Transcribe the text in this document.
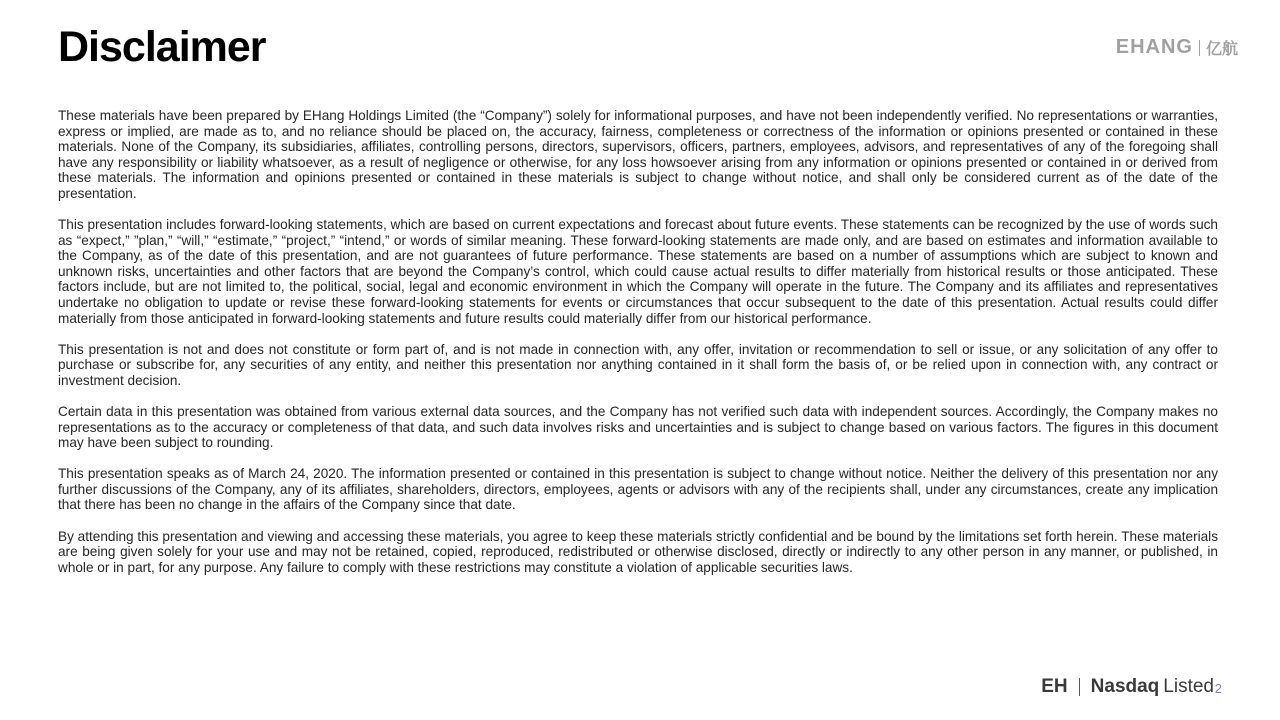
Disclaimer	EHANG 亿航

These materials have been prepared by EHang Holdings Limited (the “Company”) solely for informational purposes, and have not been independently verified. No representations or warranties, express or implied, are made as to, and no reliance should be placed on, the accuracy, fairness, completeness or correctness of the information or opinions presented or contained in these materials. None of the Company, its subsidiaries, affiliates, controlling persons, directors, supervisors, officers, partners, employees, advisors, and representatives of any of the foregoing shall have any responsibility or liability whatsoever, as a result of negligence or otherwise, for any loss howsoever arising from any information or opinions presented or contained in or derived from these materials. The information and opinions presented or contained in these materials is subject to change without notice, and shall only be considered current as of the date of the presentation.

This presentation includes forward-looking statements, which are based on current expectations and forecast about future events. These statements can be recognized by the use of words such as “expect,” ”plan,” “will,” “estimate,” “project,” “intend,” or words of similar meaning. These forward-looking statements are made only, and are based on estimates and information available to the Company, as of the date of this presentation, and are not guarantees of future performance. These statements are based on a number of assumptions which are subject to known and unknown risks, uncertainties and other factors that are beyond the Company’s control, which could cause actual results to differ materially from historical results or those anticipated. These factors include, but are not limited to, the political, social, legal and economic environment in which the Company will operate in the future. The Company and its affiliates and representatives undertake no obligation to update or revise these forward-looking statements for events or circumstances that occur subsequent to the date of this presentation. Actual results could differ materially from those anticipated in forward-looking statements and future results could materially differ from our historical performance.

This presentation is not and does not constitute or form part of, and is not made in connection with, any offer, invitation or recommendation to sell or issue, or any solicitation of any offer to purchase or subscribe for, any securities of any entity, and neither this presentation nor anything contained in it shall form the basis of, or be relied upon in connection with, any contract or investment decision.

Certain data in this presentation was obtained from various external data sources, and the Company has not verified such data with independent sources. Accordingly, the Company makes no representations as to the accuracy or completeness of that data, and such data involves risks and uncertainties and is subject to change based on various factors. The figures in this document may have been subject to rounding.

This presentation speaks as of March 24, 2020. The information presented or contained in this presentation is subject to change without notice. Neither the delivery of this presentation nor any further discussions of the Company, any of its affiliates, shareholders, directors, employees, agents or advisors with any of the recipients shall, under any circumstances, create any implication that there has been no change in the affairs of the Company since that date.

By attending this presentation and viewing and accessing these materials, you agree to keep these materials strictly confidential and be bound by the limitations set forth herein. These materials are being given solely for your use and may not be retained, copied, reproduced, redistributed or otherwise disclosed, directly or indirectly to any other person in any manner, or published, in whole or in part, for any purpose. Any failure to comply with these restrictions may constitute a violation of applicable securities laws.

EH Nasdaq Listed 2
